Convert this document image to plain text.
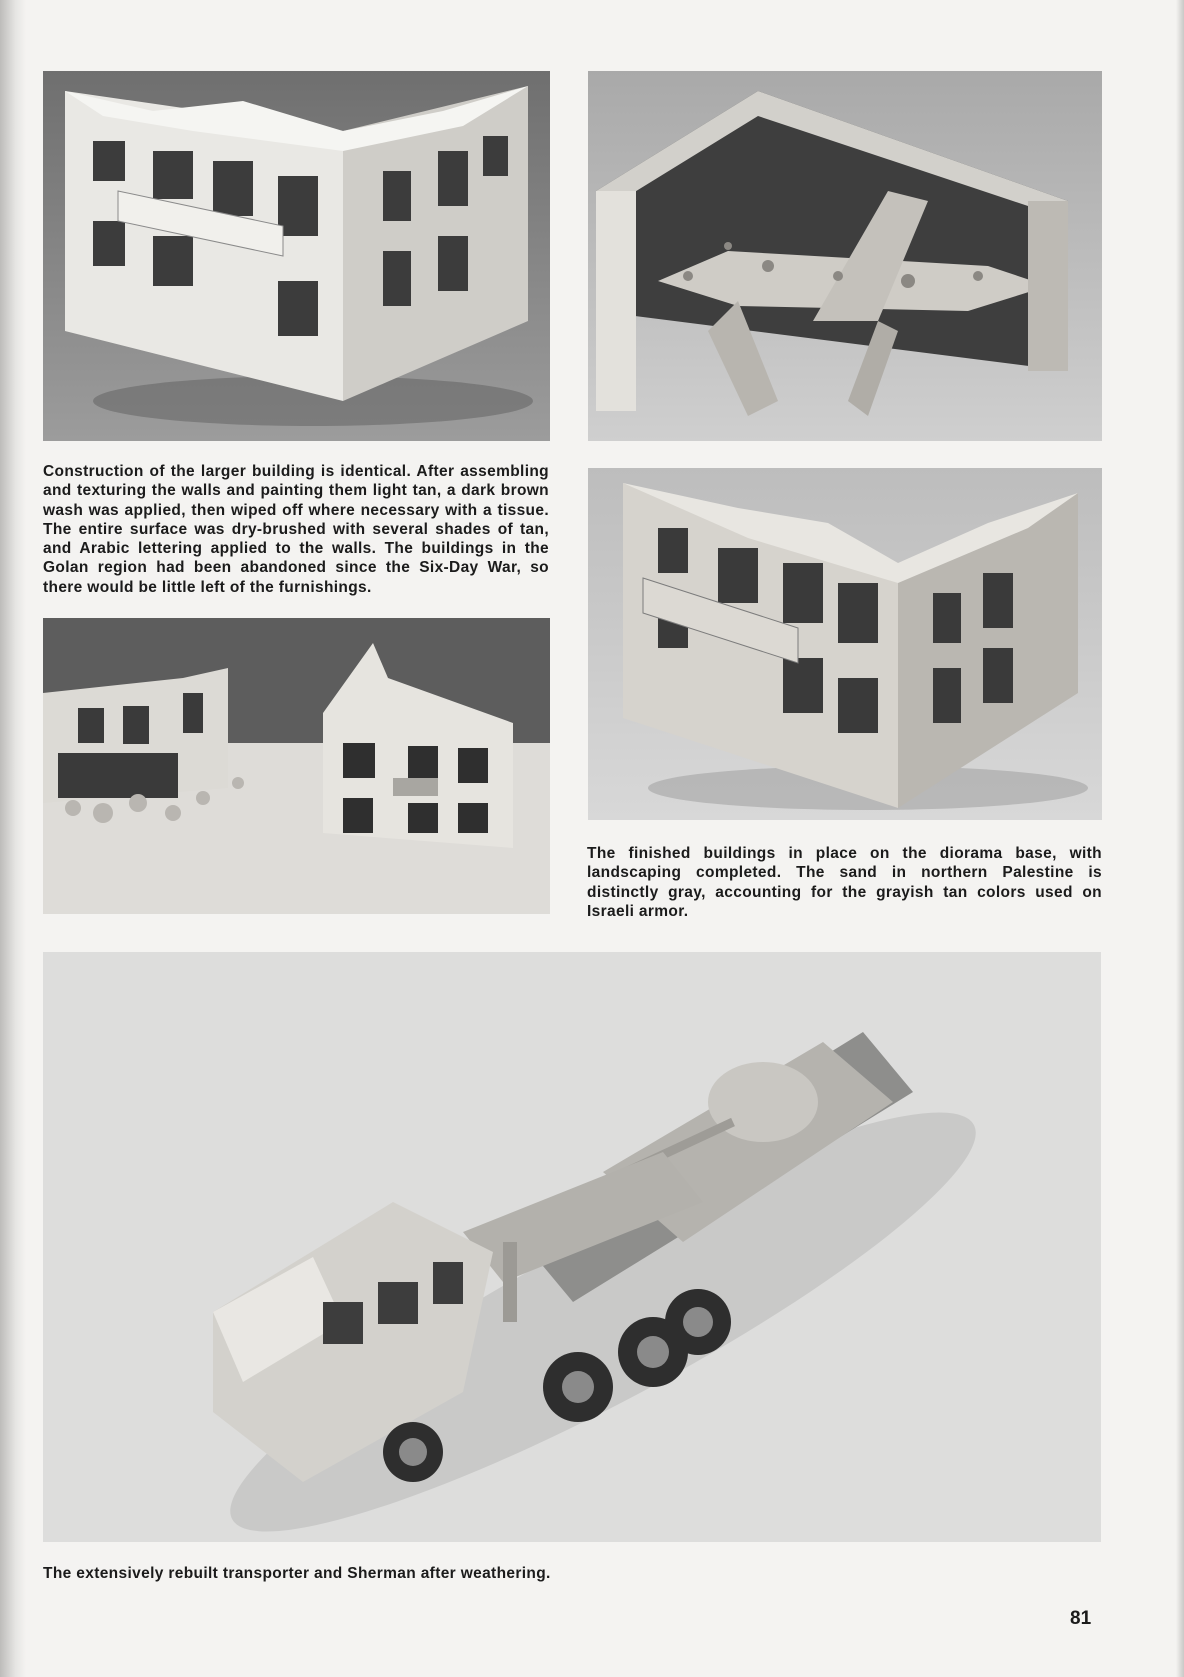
Construction of the larger building is identical. After assembling and texturing the walls and painting them light tan, a dark brown wash was applied, then wiped off where necessary with a tissue. The entire surface was dry-brushed with several shades of tan, and Arabic lettering applied to the walls. The buildings in the Golan region had been abandoned since the Six-Day War, so there would be little left of the furnishings.

The finished buildings in place on the diorama base, with landscaping completed. The sand in northern Palestine is distinctly gray, accounting for the grayish tan colors used on Israeli armor.

The extensively rebuilt transporter and Sherman after weathering.

81
